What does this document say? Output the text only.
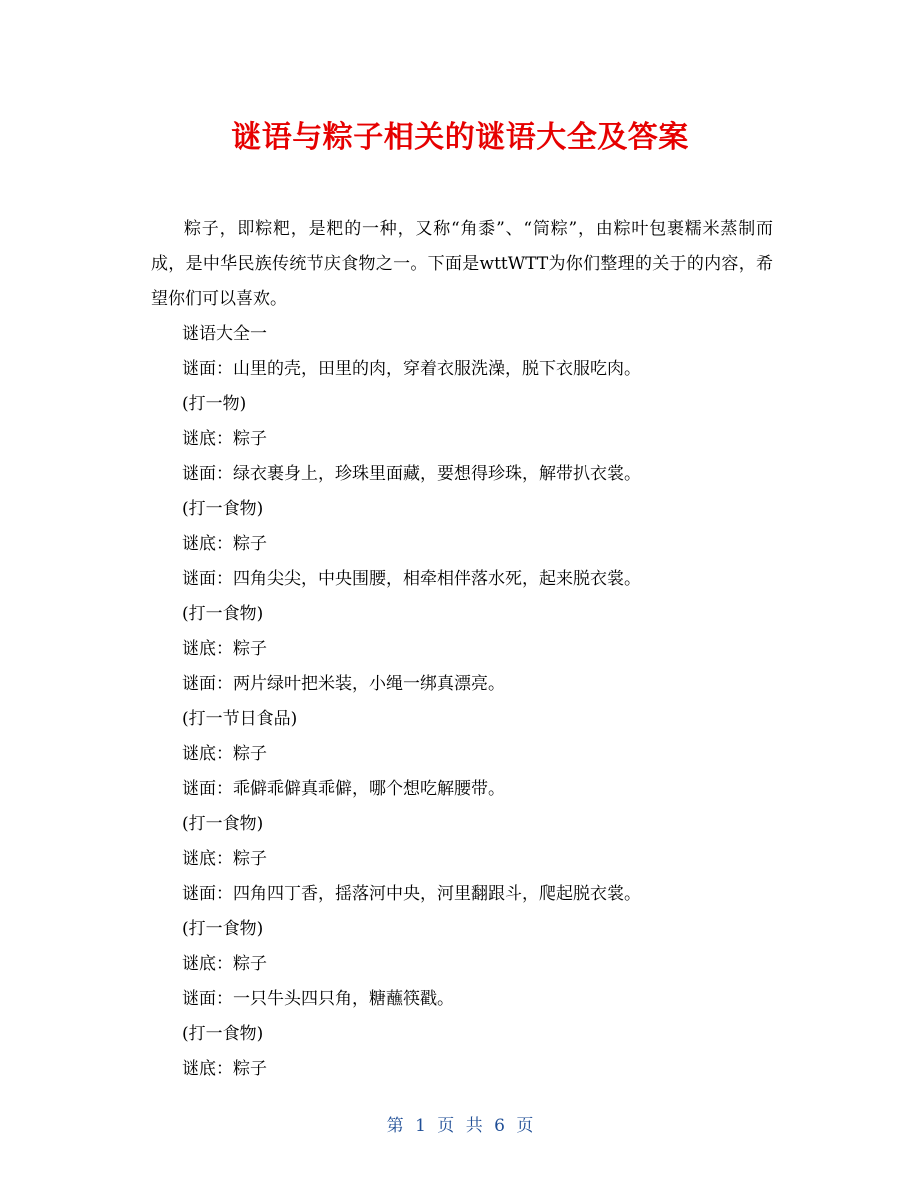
谜语与粽子相关的谜语大全及答案

粽子，即粽粑，是粑的一种，又称“角黍”、“筒粽”，由粽叶包裹糯米蒸制而成，是中华民族传统节庆食物之一。下面是wttWTT为你们整理的关于的内容，希望你们可以喜欢。

谜语大全一
谜面：山里的壳，田里的肉，穿着衣服洗澡，脱下衣服吃肉。
(打一物)
谜底：粽子
谜面：绿衣裹身上，珍珠里面藏，要想得珍珠，解带扒衣裳。
(打一食物)
谜底：粽子
谜面：四角尖尖，中央围腰，相牵相伴落水死，起来脱衣裳。
(打一食物)
谜底：粽子
谜面：两片绿叶把米装，小绳一绑真漂亮。
(打一节日食品)
谜底：粽子
谜面：乖僻乖僻真乖僻，哪个想吃解腰带。
(打一食物)
谜底：粽子
谜面：四角四丁香，揺落河中央，河里翻跟斗，爬起脱衣裳。
(打一食物)
谜底：粽子
谜面：一只牛头四只角，糖蘸筷戳。
(打一食物)
谜底：粽子
第 1 页 共 6 页
